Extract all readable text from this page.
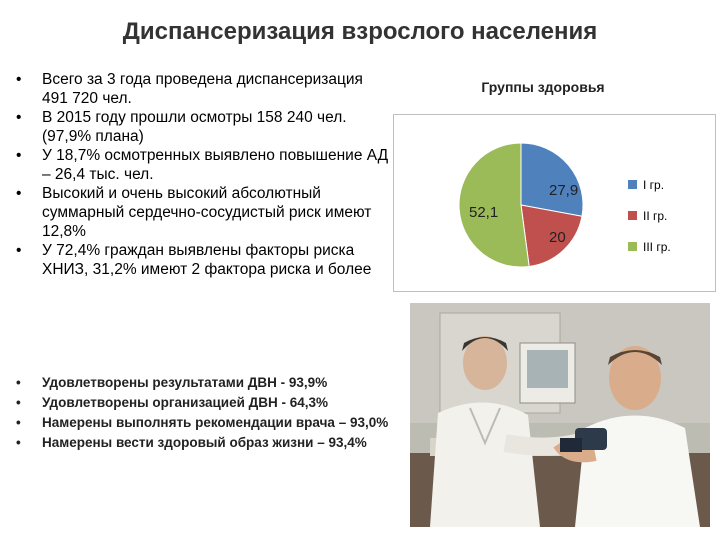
Диспансеризация взрослого населения
• Всего за 3 года проведена диспансеризация 491 720 чел.
• В 2015 году прошли осмотры 158 240 чел. (97,9% плана)
• У 18,7% осмотренных выявлено повышение АД – 26,4 тыс. чел.
• Высокий и очень высокий абсолютный суммарный сердечно-сосудистый риск имеют 12,8%
• У 72,4% граждан выявлены факторы риска ХНИЗ, 31,2% имеют 2 фактора риска и более
• Удовлетворены результатами ДВН - 93,9%
• Удовлетворены организацией ДВН - 64,3%
• Намерены выполнять рекомендации врача – 93,0%
• Намерены вести здоровый образ жизни – 93,4%
Группы здоровья
27,9
20
52,1
I гр.
II гр.
III гр.
